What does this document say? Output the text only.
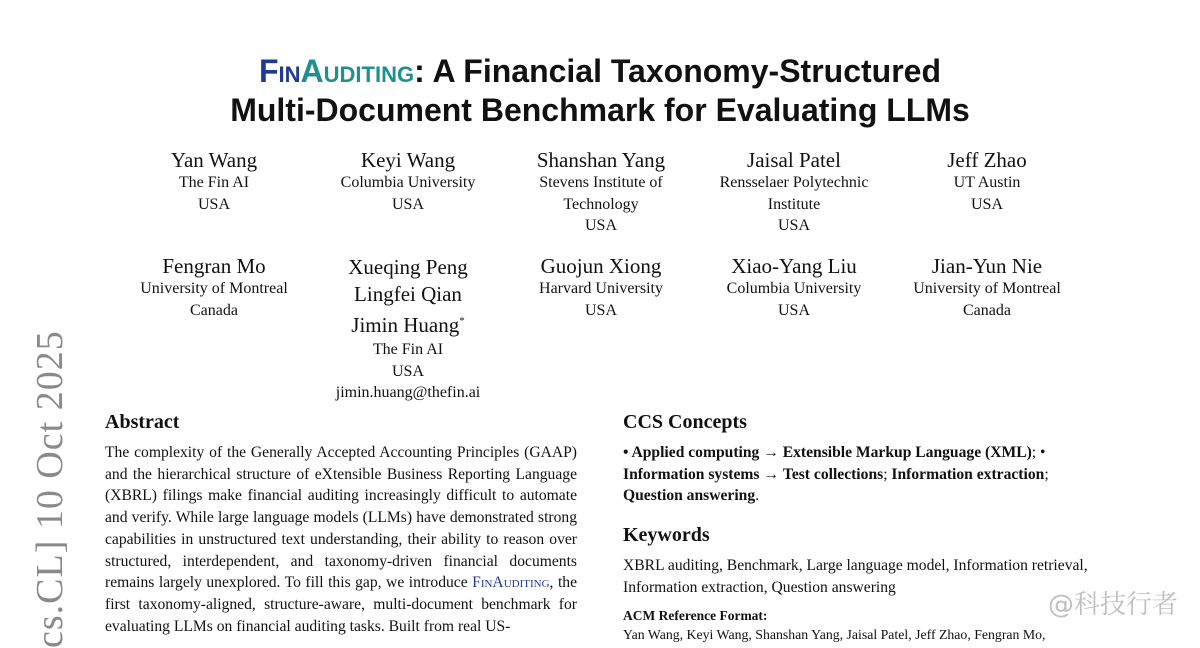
cs.CL] 10 Oct 2025
FinAuditing: A Financial Taxonomy-Structured
Multi-Document Benchmark for Evaluating LLMs
Yan Wang
The Fin AI
USA
Keyi Wang
Columbia University
USA
Shanshan Yang
Stevens Institute of
Technology
USA
Jaisal Patel
Rensselaer Polytechnic
Institute
USA
Jeff Zhao
UT Austin
USA
Fengran Mo
University of Montreal
Canada
Xueqing Peng
Lingfei Qian
Jimin Huang*
The Fin AI
USA
jimin.huang@thefin.ai
Guojun Xiong
Harvard University
USA
Xiao-Yang Liu
Columbia University
USA
Jian-Yun Nie
University of Montreal
Canada
Abstract

The complexity of the Generally Accepted Accounting Principles (GAAP) and the hierarchical structure of eXtensible Business Reporting Language (XBRL) filings make financial auditing increasingly difficult to automate and verify. While large language models (LLMs) have demonstrated strong capabilities in unstructured text understanding, their ability to reason over structured, interdependent, and taxonomy-driven financial documents remains largely unexplored. To fill this gap, we introduce FinAuditing, the first taxonomy-aligned, structure-aware, multi-document benchmark for evaluating LLMs on financial auditing tasks. Built from real US-

CCS Concepts

• Applied computing → Extensible Markup Language (XML); • Information systems → Test collections; Information extraction; Question answering.

Keywords

XBRL auditing, Benchmark, Large language model, Information retrieval, Information extraction, Question answering

ACM Reference Format:

Yan Wang, Keyi Wang, Shanshan Yang, Jaisal Patel, Jeff Zhao, Fengran Mo,

@科技行者
